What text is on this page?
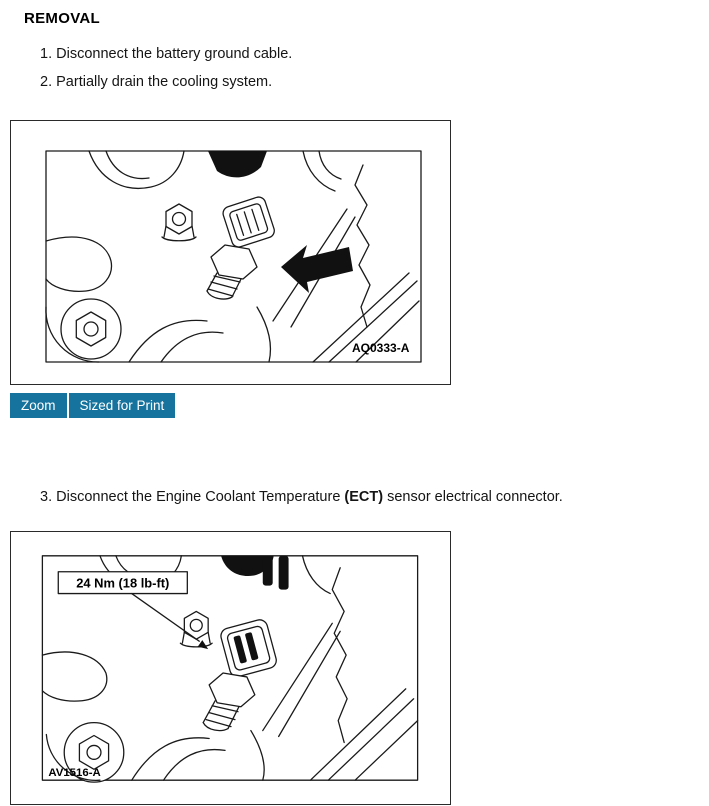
REMOVAL
1. Disconnect the battery ground cable.
2. Partially drain the cooling system.
AQ0333-A
Zoom	Sized for Print
3. Disconnect the Engine Coolant Temperature (ECT) sensor electrical connector.
24 Nm (18 lb-ft)
AV1516-A
